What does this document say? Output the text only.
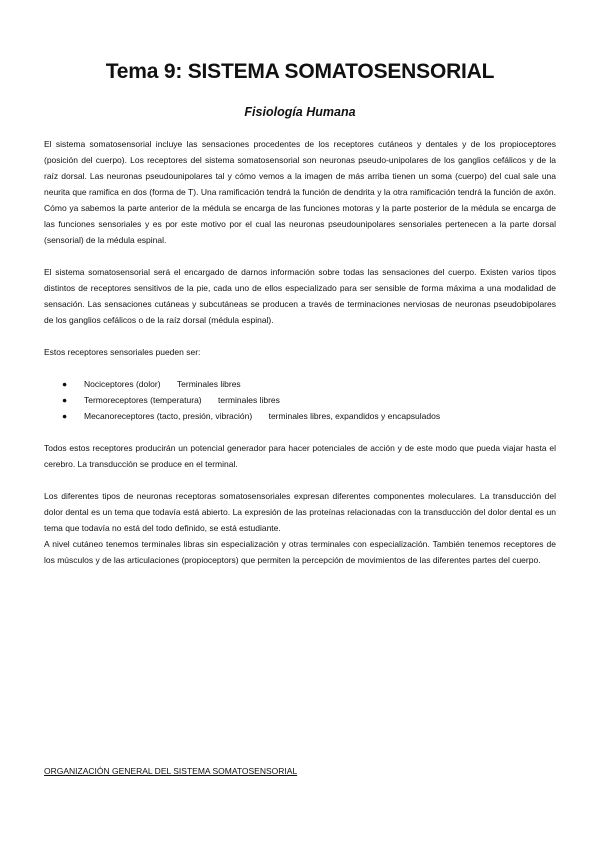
Tema 9: SISTEMA SOMATOSENSORIAL
Fisiología Humana

El sistema somatosensorial incluye las sensaciones procedentes de los receptores cutáneos y dentales y de los propioceptores (posición del cuerpo). Los receptores del sistema somatosensorial son neuronas pseudo-unipolares de los ganglios cefálicos y de la raíz dorsal. Las neuronas pseudounipolares tal y cómo vemos a la imagen de más arriba tienen un soma (cuerpo) del cual sale una neurita que ramifica en dos (forma de T). Una ramificación tendrá la función de dendrita y la otra ramificación tendrá la función de axón. Cómo ya sabemos la parte anterior de la médula se encarga de las funciones motoras y la parte posterior de la médula se encarga de las funciones sensoriales y es por este motivo por el cual las neuronas pseudounipolares sensoriales pertenecen a la parte dorsal (sensorial) de la médula espinal.

El sistema somatosensorial será el encargado de darnos información sobre todas las sensaciones del cuerpo. Existen varios tipos distintos de receptores sensitivos de la pie, cada uno de ellos especializado para ser sensible de forma máxima a una modalidad de sensación. Las sensaciones cutáneas y subcutáneas se producen a través de terminaciones nerviosas de neuronas pseudobipolares de los ganglios cefálicos o de la raíz dorsal (médula espinal).

Estos receptores sensoriales pueden ser:

● Nociceptores (dolor) Terminales libres
● Termoreceptores (temperatura) terminales libres
● Mecanoreceptores (tacto, presión, vibración) terminales libres, expandidos y encapsulados

Todos estos receptores producirán un potencial generador para hacer potenciales de acción y de este modo que pueda viajar hasta el cerebro. La transducción se produce en el terminal.

Los diferentes tipos de neuronas receptoras somatosensoriales expresan diferentes componentes moleculares. La transducción del dolor dental es un tema que todavía está abierto. La expresión de las proteínas relacionadas con la transducción del dolor dental es un tema que todavía no está del todo definido, se está estudiante.

A nivel cutáneo tenemos terminales libras sin especialización y otras terminales con especialización. También tenemos receptores de los músculos y de las articulaciones (propioceptors) que permiten la percepción de movimientos de las diferentes partes del cuerpo.

ORGANIZACIÓN GENERAL DEL SISTEMA SOMATOSENSORIAL
